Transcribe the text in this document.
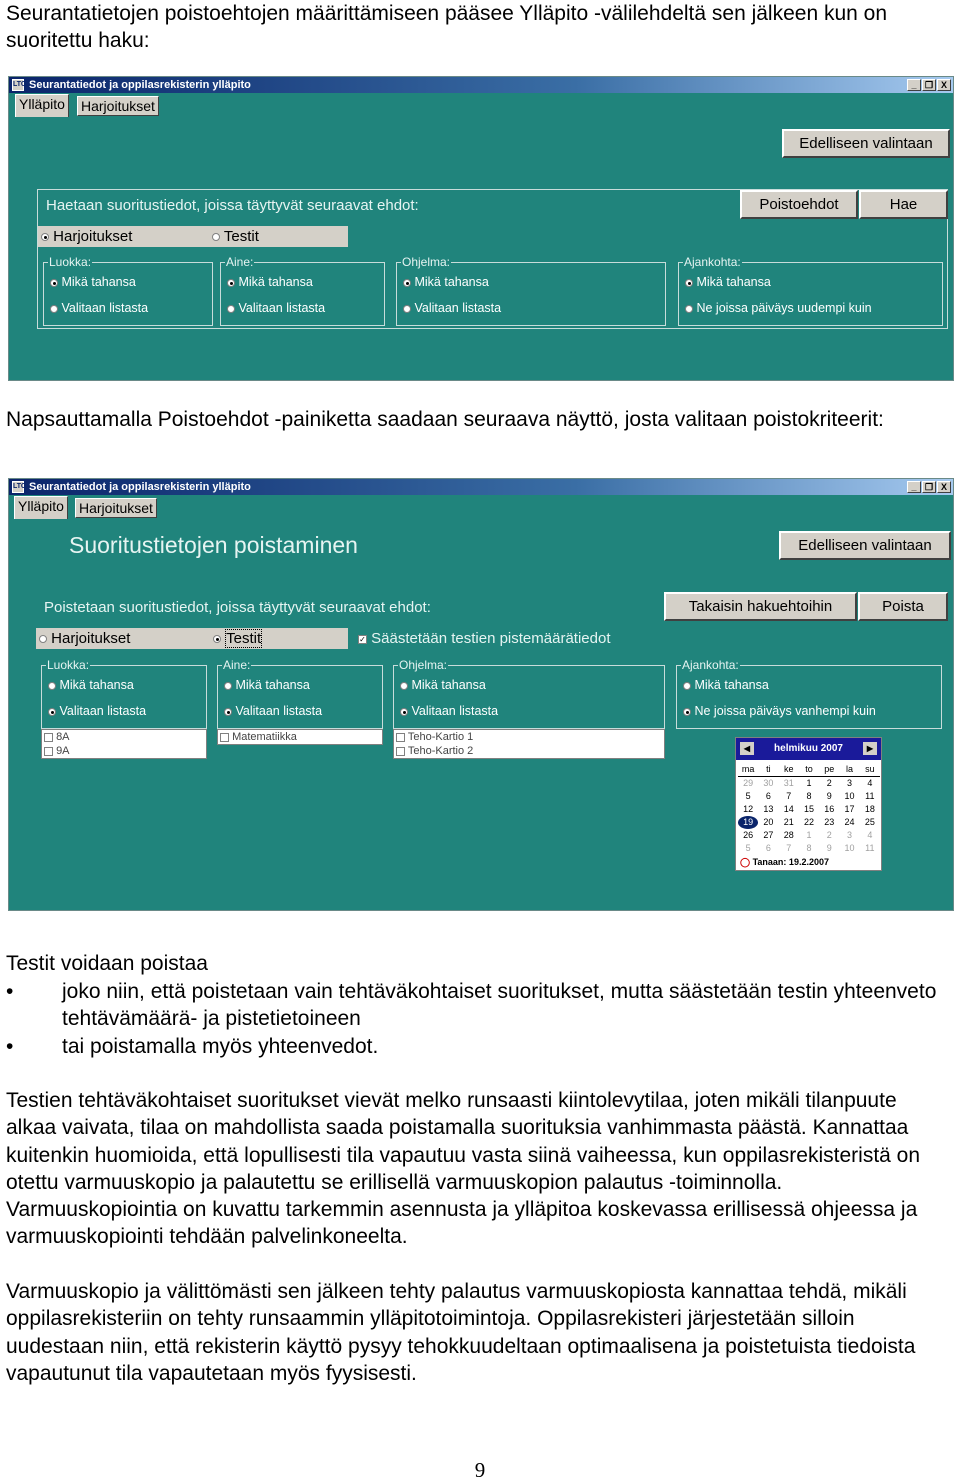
Seurantatietojen poistoehtojen määrittämiseen pääsee Ylläpito -välilehdeltä sen jälkeen kun on suoritettu haku:

LTO Seurantatiedot ja oppilasrekisterin ylläpito	_ ❐ X
Ylläpito Harjoitukset
Edelliseen valintaan
Haetaan suoritustiedot, joissa täyttyvät seuraavat ehdot:	Poistoehdot	Hae
Harjoitukset	Testit
Luokka:
Mikä tahansa
Valitaan listasta
Aine:
Mikä tahansa
Valitaan listasta
Ohjelma:
Mikä tahansa
Valitaan listasta
Ajankohta:
Mikä tahansa
Ne joissa päiväys uudempi kuin

Napsauttamalla Poistoehdot -painiketta saadaan seuraava näyttö, josta valitaan poistokriteerit:

LTO Seurantatiedot ja oppilasrekisterin ylläpito	_ ❐ X
Ylläpito Harjoitukset
Suoritustietojen poistaminen	Edelliseen valintaan
Poistetaan suoritustiedot, joissa täyttyvät seuraavat ehdot:	Takaisin hakuehtoihin	Poista
Harjoitukset	Testit	✓ Säästetään testien pistemäärätiedot
Luokka:
Mikä tahansa
Valitaan listasta
8A
9A
Aine:
Mikä tahansa
Valitaan listasta
Matematiikka
Ohjelma:
Mikä tahansa
Valitaan listasta
Teho-Kartio 1
Teho-Kartio 2
Ajankohta:
Mikä tahansa
Ne joissa päiväys vanhempi kuin
◀	helmikuu 2007	▶
ma	ti	ke	to	pe	la	su
29	30	31	1	2	3	4
5	6	7	8	9	10	11
12	13	14	15	16	17	18
19	20	21	22	23	24	25
26	27	28	1	2	3	4
5	6	7	8	9	10	11
◯ Tanaan: 19.2.2007

Testit voidaan poistaa

• joko niin, että poistetaan vain tehtäväkohtaiset suoritukset, mutta säästetään testin yhteenveto tehtävämäärä- ja pistetietoineen
• tai poistamalla myös yhteenvedot.

Testien tehtäväkohtaiset suoritukset vievät melko runsaasti kiintolevytilaa, joten mikäli tilanpuute alkaa vaivata, tilaa on mahdollista saada poistamalla suorituksia vanhimmasta päästä. Kannattaa kuitenkin huomioida, että lopullisesti tila vapautuu vasta siinä vaiheessa, kun oppilasrekisteristä on otettu varmuuskopio ja palautettu se erillisellä varmuuskopion palautus -toiminnolla. Varmuuskopiointia on kuvattu tarkemmin asennusta ja ylläpitoa koskevassa erillisessä ohjeessa ja varmuuskopiointi tehdään palvelinkoneelta.

Varmuuskopio ja välittömästi sen jälkeen tehty palautus varmuuskopiosta kannattaa tehdä, mikäli oppilasrekisteriin on tehty runsaammin ylläpitotoimintoja. Oppilasrekisteri järjestetään silloin uudestaan niin, että rekisterin käyttö pysyy tehokkuudeltaan optimaalisena ja poistetuista tiedoista vapautunut tila vapautetaan myös fyysisesti.

9
